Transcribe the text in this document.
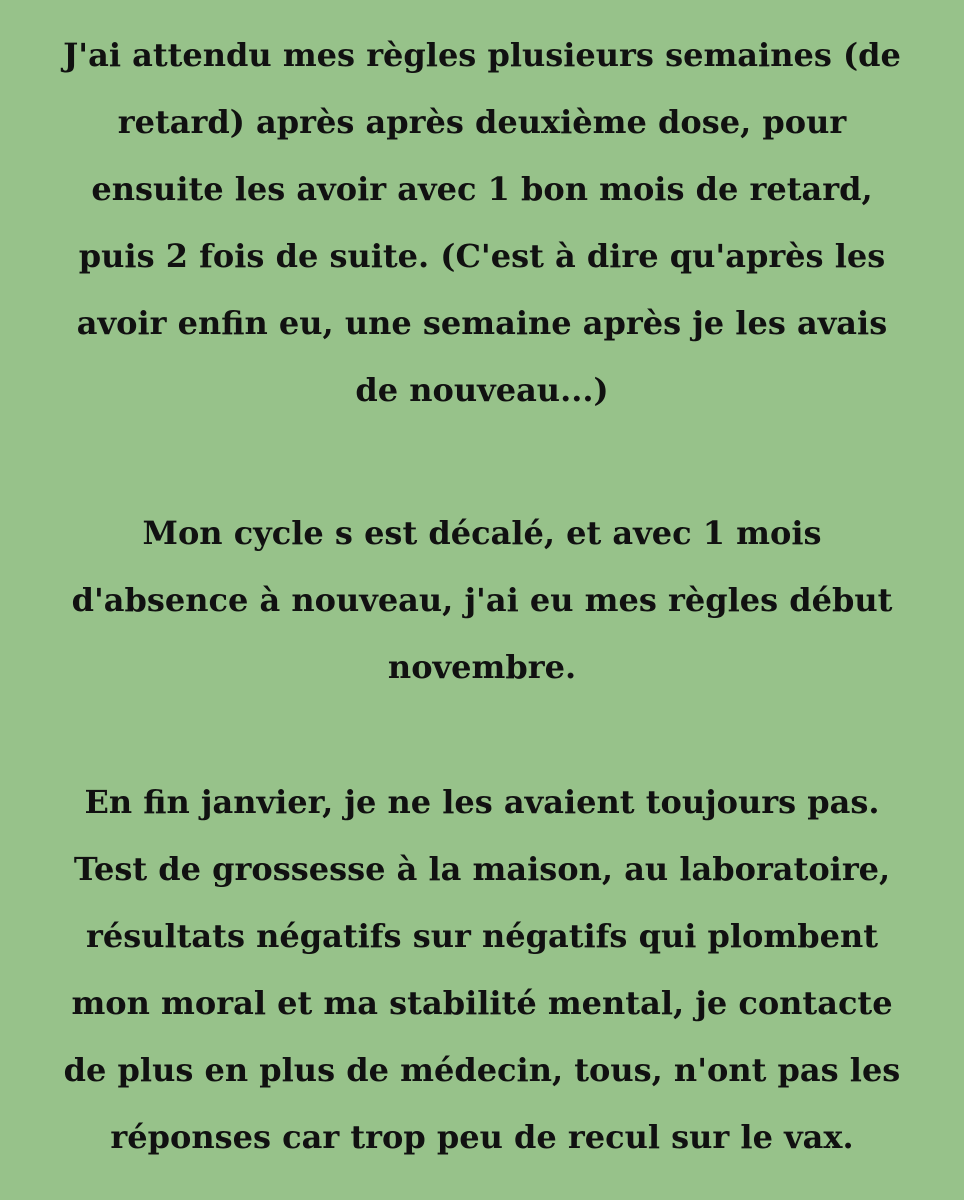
J'ai attendu mes règles plusieurs semaines (de
retard) après après deuxième dose, pour
ensuite les avoir avec 1 bon mois de retard,
puis 2 fois de suite. (C'est à dire qu'après les
avoir enfin eu, une semaine après je les avais
de nouveau...)

Mon cycle s est décalé, et avec 1 mois
d'absence à nouveau, j'ai eu mes règles début
novembre.

En fin janvier, je ne les avaient toujours pas.
Test de grossesse à la maison, au laboratoire,
résultats négatifs sur négatifs qui plombent
mon moral et ma stabilité mental, je contacte
de plus en plus de médecin, tous, n'ont pas les
réponses car trop peu de recul sur le vax.
